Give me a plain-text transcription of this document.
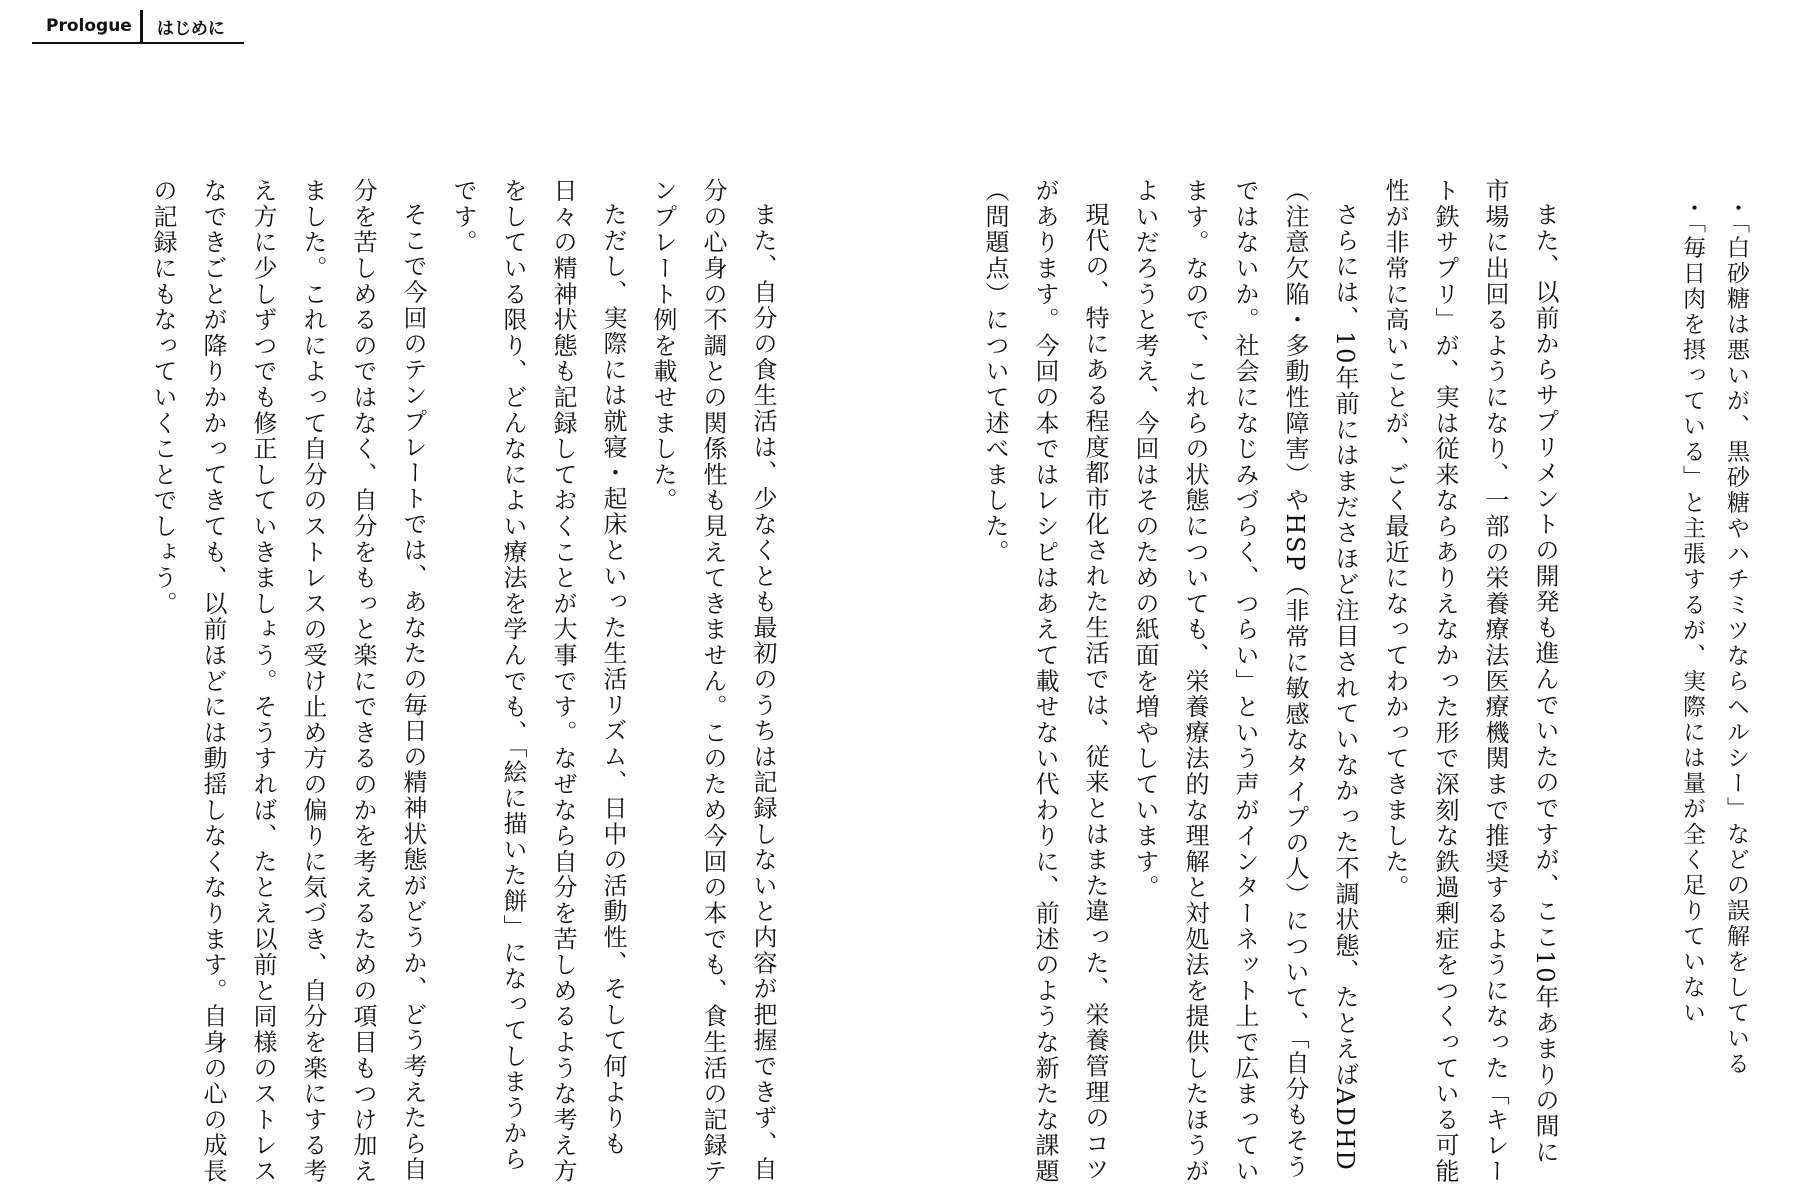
Prologue	はじめに

・「白砂糖は悪いが、黒砂糖やハチミツならヘルシー」などの誤解をしている

・「毎日肉を摂っている」と主張するが、実際には量が全く足りていない

また、以前からサプリメントの開発も進んでいたのですが、ここ10年あまりの間に市場に出回るようになり、一部の栄養療法医療機関まで推奨するようになった「キレート鉄サプリ」が、実は従来ならありえなかった形で深刻な鉄過剰症をつくっている可能性が非常に高いことが、ごく最近になってわかってきました。

さらには、10年前にはまださほど注目されていなかった不調状態、たとえばADHD（注意欠陥・多動性障害）やHSP（非常に敏感なタイプの人）について、「自分もそうではないか。社会になじみづらく、つらい」という声がインターネット上で広まっています。なので、これらの状態についても、栄養療法的な理解と対処法を提供したほうがよいだろうと考え、今回はそのための紙面を増やしています。

現代の、特にある程度都市化された生活では、従来とはまた違った、栄養管理のコツがあります。今回の本ではレシピはあえて載せない代わりに、前述のような新たな課題（問題点）について述べました。

また、自分の食生活は、少なくとも最初のうちは記録しないと内容が把握できず、自分の心身の不調との関係性も見えてきません。このため今回の本でも、食生活の記録テンプレート例を載せました。

ただし、実際には就寝・起床といった生活リズム、日中の活動性、そして何よりも日々の精神状態も記録しておくことが大事です。なぜなら自分を苦しめるような考え方をしている限り、どんなによい療法を学んでも、「絵に描いた餅」になってしまうからです。

そこで今回のテンプレートでは、あなたの毎日の精神状態がどうか、どう考えたら自分を苦しめるのではなく、自分をもっと楽にできるのかを考えるための項目もつけ加えました。これによって自分のストレスの受け止め方の偏りに気づき、自分を楽にする考え方に少しずつでも修正していきましょう。そうすれば、たとえ以前と同様のストレスなできごとが降りかかってきても、以前ほどには動揺しなくなります。自身の心の成長の記録にもなっていくことでしょう。
